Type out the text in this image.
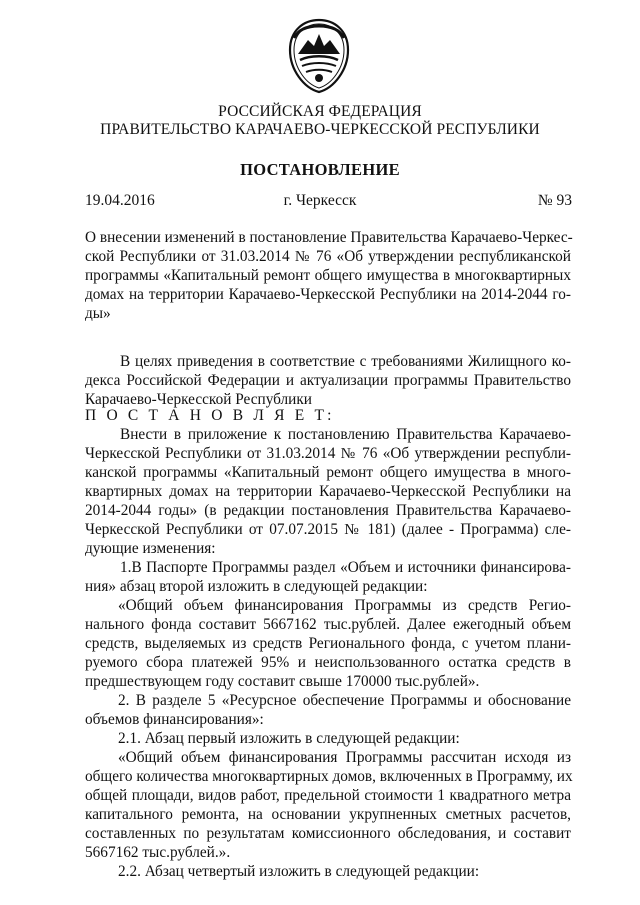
РОССИЙСКАЯ ФЕДЕРАЦИЯ
ПРАВИТЕЛЬСТВО КАРАЧАЕВО-ЧЕРКЕССКОЙ РЕСПУБЛИКИ
ПОСТАНОВЛЕНИЕ
19.04.2016	г. Черкесск	№ 93
О внесении изменений в постановление Правительства Карачаево-Черкес-
ской Республики от 31.03.2014 № 76 «Об утверждении республиканской
программы «Капитальный ремонт общего имущества в многоквартирных
домах на территории Карачаево-Черкесской Республики на 2014-2044 го-
ды»
В целях приведения в соответствие с требованиями Жилищного ко-
декса Российской Федерации и актуализации программы Правительство
Карачаево-Черкесской Республики
П О С Т А Н О В Л Я Е Т:
Внести в приложение к постановлению Правительства Карачаево-
Черкесской Республики от 31.03.2014 № 76 «Об утверждении республи-
канской программы «Капитальный ремонт общего имущества в много-
квартирных домах на территории Карачаево-Черкесской Республики на
2014-2044 годы» (в редакции постановления Правительства Карачаево-
Черкесской Республики от 07.07.2015 № 181) (далее - Программа) сле-
дующие изменения:
1.В Паспорте Программы раздел «Объем и источники финансирова-
ния» абзац второй изложить в следующей редакции:
«Общий объем финансирования Программы из средств Регио-
нального фонда составит 5667162 тыс.рублей. Далее ежегодный объем
средств, выделяемых из средств Регионального фонда, с учетом плани-
руемого сбора платежей 95% и неиспользованного остатка средств в
предшествующем году составит свыше 170000 тыс.рублей».
2. В разделе 5 «Ресурсное обеспечение Программы и обоснование
объемов финансирования»:
2.1. Абзац первый изложить в следующей редакции:
«Общий объем финансирования Программы рассчитан исходя из
общего количества многоквартирных домов, включенных в Программу, их
общей площади, видов работ, предельной стоимости 1 квадратного метра
капитального ремонта, на основании укрупненных сметных расчетов,
составленных по результатам комиссионного обследования, и составит
5667162 тыс.рублей.».
2.2. Абзац четвертый изложить в следующей редакции:
